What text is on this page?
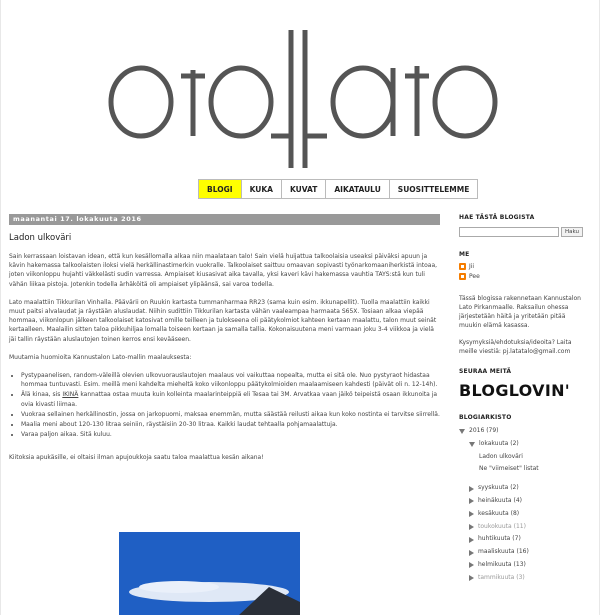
BLOGI	KUKA	KUVAT	AIKATAULU	SUOSITTELEMME
maanantai 17. lokakuuta 2016
Ladon ulkoväri

Sain kerrassaan loistavan idean, että kun kesällomalla alkaa niin maalataan talo! Sain vielä huijattua talkoolaisia useaksi päiväksi apuun ja kävin hakemassa talkoolaisten iloksi vielä herkällinastimerkin vuokralle. Talkoolaiset saittuu omaavan sopivasti työnarkomaaniherkistä intoaa, joten viikonloppu hujahti väkkelästi sudin varressa. Ampiaiset kiusasivat aika tavalla, yksi kaveri kävi hakemassa vauhtia TAYS:stä kun tuli vähän liikaa pistoja. Jotenkin todella ärhäköitä oli ampiaiset ylipäänsä, sai varoa todella.

Lato maalattiin Tikkurilan Vinhalla. Päävärii on Ruukin kartasta tummanharmaa RR23 (sama kuin esim. ikkunapellit). Tuolla maalattiin kaikki muut paitsi alvalaudat ja räystään aluslaudat. Niihin sudittiin Tikkurilan kartasta vähän vaaleampaa harmaata S65X. Tosiaan alkaa viepää hommaa, viikonlopun jälkeen talkoolaiset katosivat omille teilleen ja tulokseena oli päätykolmiot kahteen kertaan maalattu, talon muut seinät kertaalleen. Maalailin sitten taloa pikkuhiljaa lomalla toiseen kertaan ja samalla tallia. Kokonaisuutena meni varmaan joku 3-4 viikkoa ja vielä jäi tallin räystään aluslautojen toinen kerros ensi kevääseen.

Muutamia huomioita Kannustalon Lato-mallin maalauksesta:

• Pystypaanelisen, random-väleillä olevien ulkovuorauslautojen maalaus voi vaikuttaa nopealta, mutta ei sitä ole. Nuo pystyraot hidastaa hommaa tuntuvasti. Esim. meillä meni kahdelta mieheltä koko viikonloppu päätykolmioiden maalaamiseen kahdesti (päivät oli n. 12-14h).
• Älä kinaa, sis IKINÄ kannattaa ostaa muuta kuin kolleinta maalarinteippiä eli Tesaa tai 3M. Arvatkaa vaan jäikö teipeistä osaan ikkunoita ja ovia kivasti liimaa.
• Vuokraa sellainen herkällinostin, jossa on jarkopuomi, maksaa enemmän, mutta säästää reilusti aikaa kun koko nostinta ei tarvitse siirrellä.
• Maalia meni about 120-130 litraa seiniin, räystäisiin 20-30 litraa. Kaikki laudat tehtaalla pohjamaalattuja.
• Varaa paljon aikaa. Sitä kuluu.

Kiitoksia apukäsille, ei oltaisi ilman apujoukkoja saatu taloa maalattua kesän aikana!

HAE TÄSTÄ BLOGISTA
Haku
ME
Jii
Pee
Tässä blogissa rakennetaan Kannustalon Lato Pirkanmaalle. Raksailun ohessa järjestetään häitä ja yritetään pitää muukin elämä kasassa.
Kysymyksiä/ehdotuksia/ideoita? Laita meille viestiä: pj.latatalo@gmail.com
SEURAA MEITÄ
BLOGLOVIN'
BLOGIARKISTO
2016
(79)
lokakuuta
(2)
Ladon ulkoväri
Ne "viimeiset" listat
syyskuuta
(2)
heinäkuuta
(4)
kesäkuuta
(8)
toukokuuta
(11)
huhtikuuta
(7)
maaliskuuta
(16)
helmikuuta
(13)
tammikuuta
(3)
